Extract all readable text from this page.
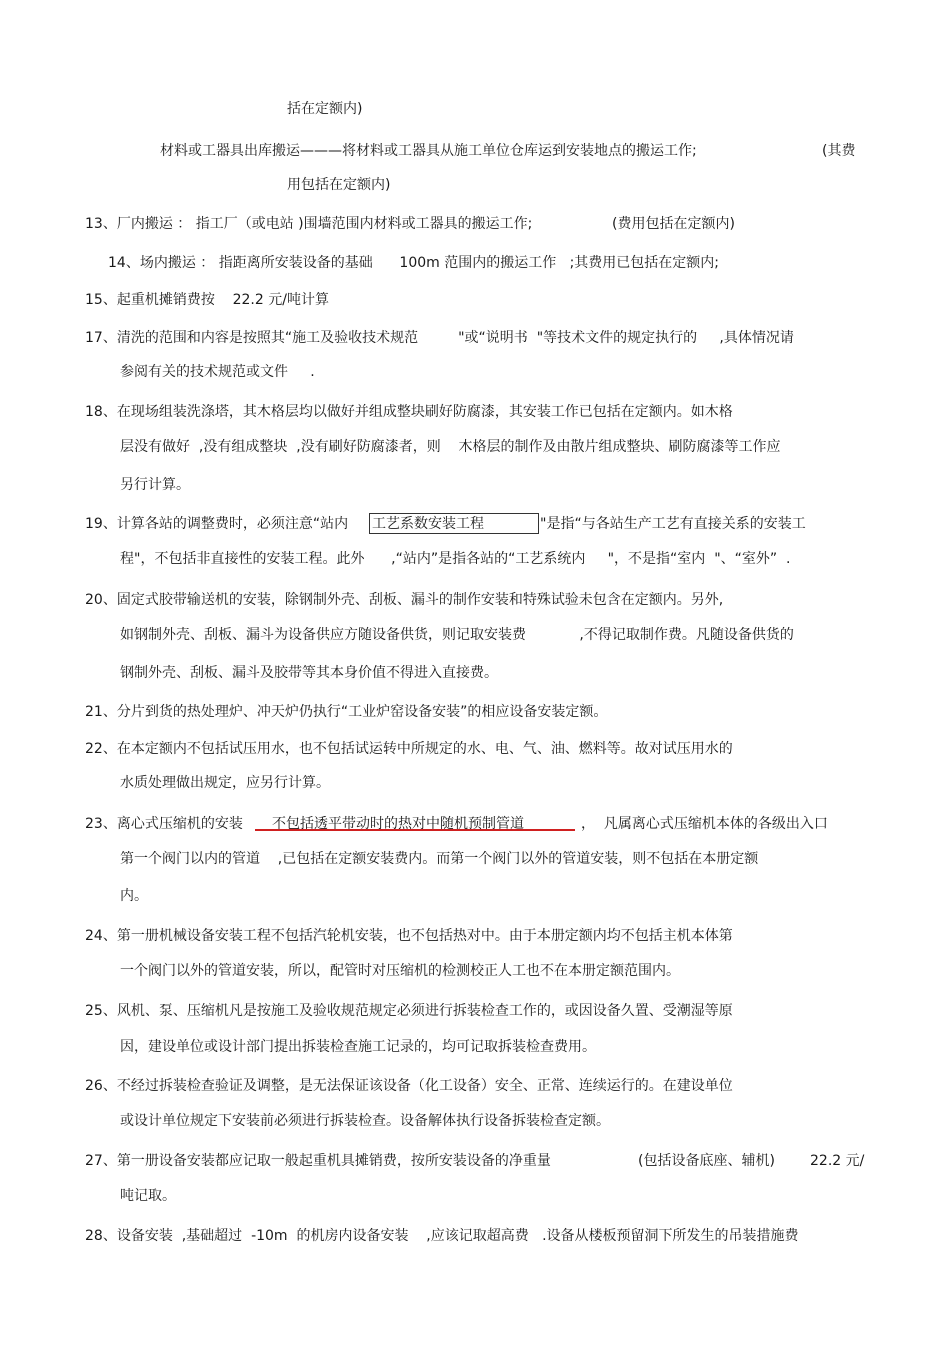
括在定额内)
材料或工器具出库搬运———将材料或工器具从施工单位仓库运到安装地点的搬运工作;	(其费
用包括在定额内)
13、厂内搬运 ： 指工厂（或电站 )围墙范围内材料或工器具的搬运工作;	(费用包括在定额内)
14、场内搬运 ： 指距离所安装设备的基础      100m 范围内的搬运工作   ;其费用已包括在定额内;
15、起重机摊销费按    22.2 元/吨计算
17、清洗的范围和内容是按照其“施工及验收技术规范         "或“说明书  "等技术文件的规定执行的     ,具体情况请
参阅有关的技术规范或文件     .
18、在现场组装洗涤塔，其木格层均以做好并组成整块刷好防腐漆，其安装工作已包括在定额内。如木格
层没有做好  ,没有组成整块  ,没有刷好防腐漆者，则    木格层的制作及由散片组成整块、刷防腐漆等工作应
另行计算。
19、计算各站的调整费时，必须注意“站内 工艺系数安装工程	"是指“与各站生产工艺有直接关系的安装工
程"，不包括非直接性的安装工程。此外      ,“站内”是指各站的“工艺系统内     "，不是指“室内  "、“室外”  .
20、固定式胶带输送机的安装，除钢制外壳、刮板、漏斗的制作安装和特殊试验未包含在定额内。另外,
如钢制外壳、刮板、漏斗为设备供应方随设备供货，则记取安装费            ,不得记取制作费。凡随设备供货的
钢制外壳、刮板、漏斗及胶带等其本身价值不得进入直接费。
21、分片到货的热处理炉、冲天炉仍执行“工业炉窑设备安装”的相应设备安装定额。
22、在本定额内不包括试压用水，也不包括试运转中所规定的水、电、气、油、燃料等。故对试压用水的
水质处理做出规定，应另行计算。
23、离心式压缩机的安装 不包括透平带动时的热对中随机预制管道	，  凡属离心式压缩机本体的各级出入口
第一个阀门以内的管道    ,已包括在定额安装费内。而第一个阀门以外的管道安装，则不包括在本册定额
内。
24、第一册机械设备安装工程不包括汽轮机安装，也不包括热对中。由于本册定额内均不包括主机本体第
一个阀门以外的管道安装，所以，配管时对压缩机的检测校正人工也不在本册定额范围内。
25、风机、泵、压缩机凡是按施工及验收规范规定必须进行拆装检查工作的，或因设备久置、受潮湿等原
因，建设单位或设计部门提出拆装检查施工记录的，均可记取拆装检查费用。
26、不经过拆装检查验证及调整，是无法保证该设备（化工设备）安全、正常、连续运行的。在建设单位
或设计单位规定下安装前必须进行拆装检查。设备解体执行设备拆装检查定额。
27、第一册设备安装都应记取一般起重机具摊销费，按所安装设备的净重量	(包括设备底座、辅机)	22.2 元/
吨记取。
28、设备安装  ,基础超过  -10m  的机房内设备安装    ,应该记取超高费   .设备从楼板预留洞下所发生的吊装措施费
